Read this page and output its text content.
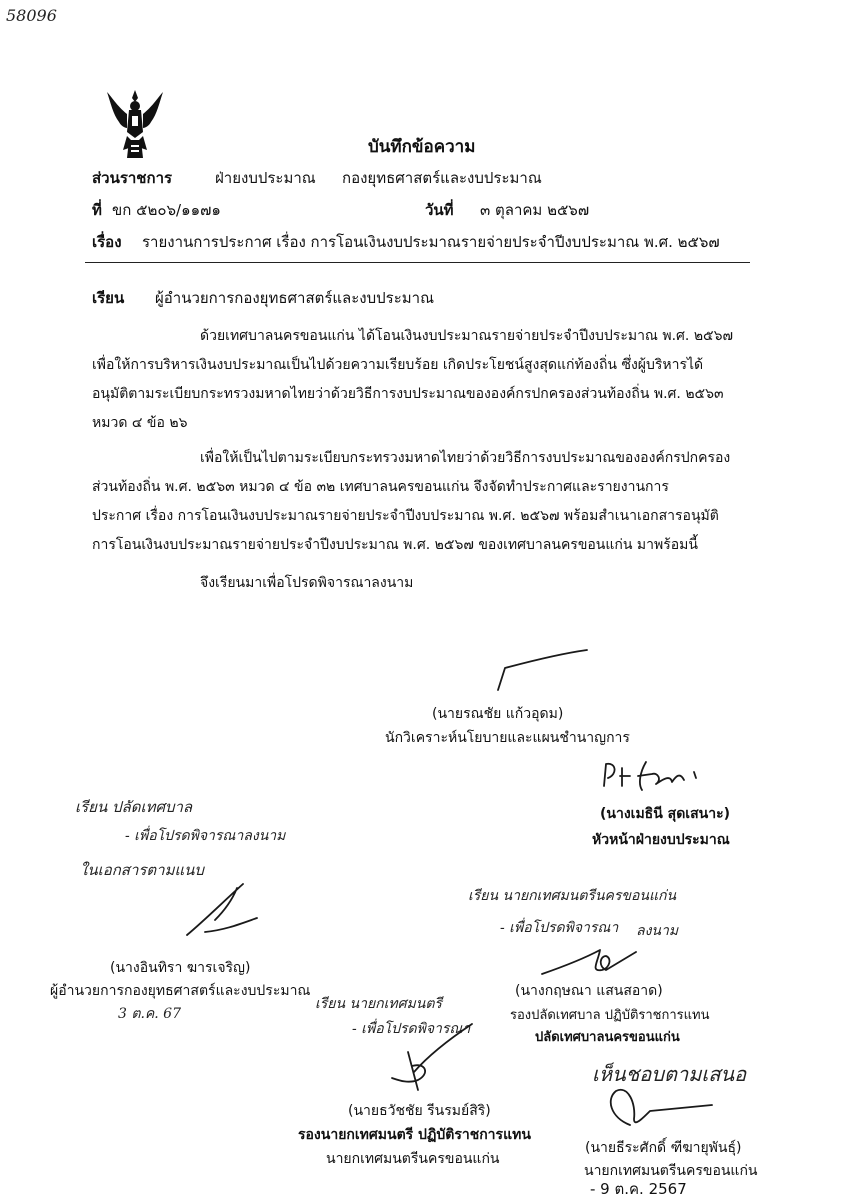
58096
บันทึกข้อความ
ส่วนราชการ	ฝ่ายงบประมาณ กองยุทธศาสตร์และงบประมาณ
ที่ ขก ๕๒๐๖/๑๑๗๑	วันที่ ๓ ตุลาคม ๒๕๖๗
เรื่อง รายงานการประกาศ เรื่อง การโอนเงินงบประมาณรายจ่ายประจำปีงบประมาณ พ.ศ. ๒๕๖๗
เรียน ผู้อำนวยการกองยุทธศาสตร์และงบประมาณ
ด้วยเทศบาลนครขอนแก่น ได้โอนเงินงบประมาณรายจ่ายประจำปีงบประมาณ พ.ศ. ๒๕๖๗
เพื่อให้การบริหารเงินงบประมาณเป็นไปด้วยความเรียบร้อย เกิดประโยชน์สูงสุดแก่ท้องถิ่น ซึ่งผู้บริหารได้
อนุมัติตามระเบียบกระทรวงมหาดไทยว่าด้วยวิธีการงบประมาณขององค์กรปกครองส่วนท้องถิ่น พ.ศ. ๒๕๖๓
หมวด ๔ ข้อ ๒๖
เพื่อให้เป็นไปตามระเบียบกระทรวงมหาดไทยว่าด้วยวิธีการงบประมาณขององค์กรปกครอง
ส่วนท้องถิ่น พ.ศ. ๒๕๖๓ หมวด ๔ ข้อ ๓๒ เทศบาลนครขอนแก่น จึงจัดทำประกาศและรายงานการ
ประกาศ เรื่อง การโอนเงินงบประมาณรายจ่ายประจำปีงบประมาณ พ.ศ. ๒๕๖๗ พร้อมสำเนาเอกสารอนุมัติ
การโอนเงินงบประมาณรายจ่ายประจำปีงบประมาณ พ.ศ. ๒๕๖๗ ของเทศบาลนครขอนแก่น มาพร้อมนี้
จึงเรียนมาเพื่อโปรดพิจารณาลงนาม
(นายรณชัย แก้วอุดม)
นักวิเคราะห์นโยบายและแผนชำนาญการ
(นางเมธินี สุดเสนาะ)
หัวหน้าฝ่ายงบประมาณ
เรียน ปลัดเทศบาล
- เพื่อโปรดพิจารณาลงนาม
ในเอกสารตามแนบ
(นางอินทิรา ฆารเจริญ)
ผู้อำนวยการกองยุทธศาสตร์และงบประมาณ
3 ต.ค. 67
เรียน นายกเทศมนตรีนครขอนแก่น
- เพื่อโปรดพิจารณา ลงนาม
(นางกฤษณา แสนสอาด)
รองปลัดเทศบาล ปฏิบัติราชการแทน
ปลัดเทศบาลนครขอนแก่น
เรียน นายกเทศมนตรี
- เพื่อโปรดพิจารณา
(นายธวัชชัย รีนรมย์สิริ)
รองนายกเทศมนตรี ปฏิบัติราชการแทน
นายกเทศมนตรีนครขอนแก่น
เห็นชอบตามเสนอ
(นายธีระศักดิ์ ฑีฆายุพันธุ์)
นายกเทศมนตรีนครขอนแก่น
- 9 ต.ค. 2567
